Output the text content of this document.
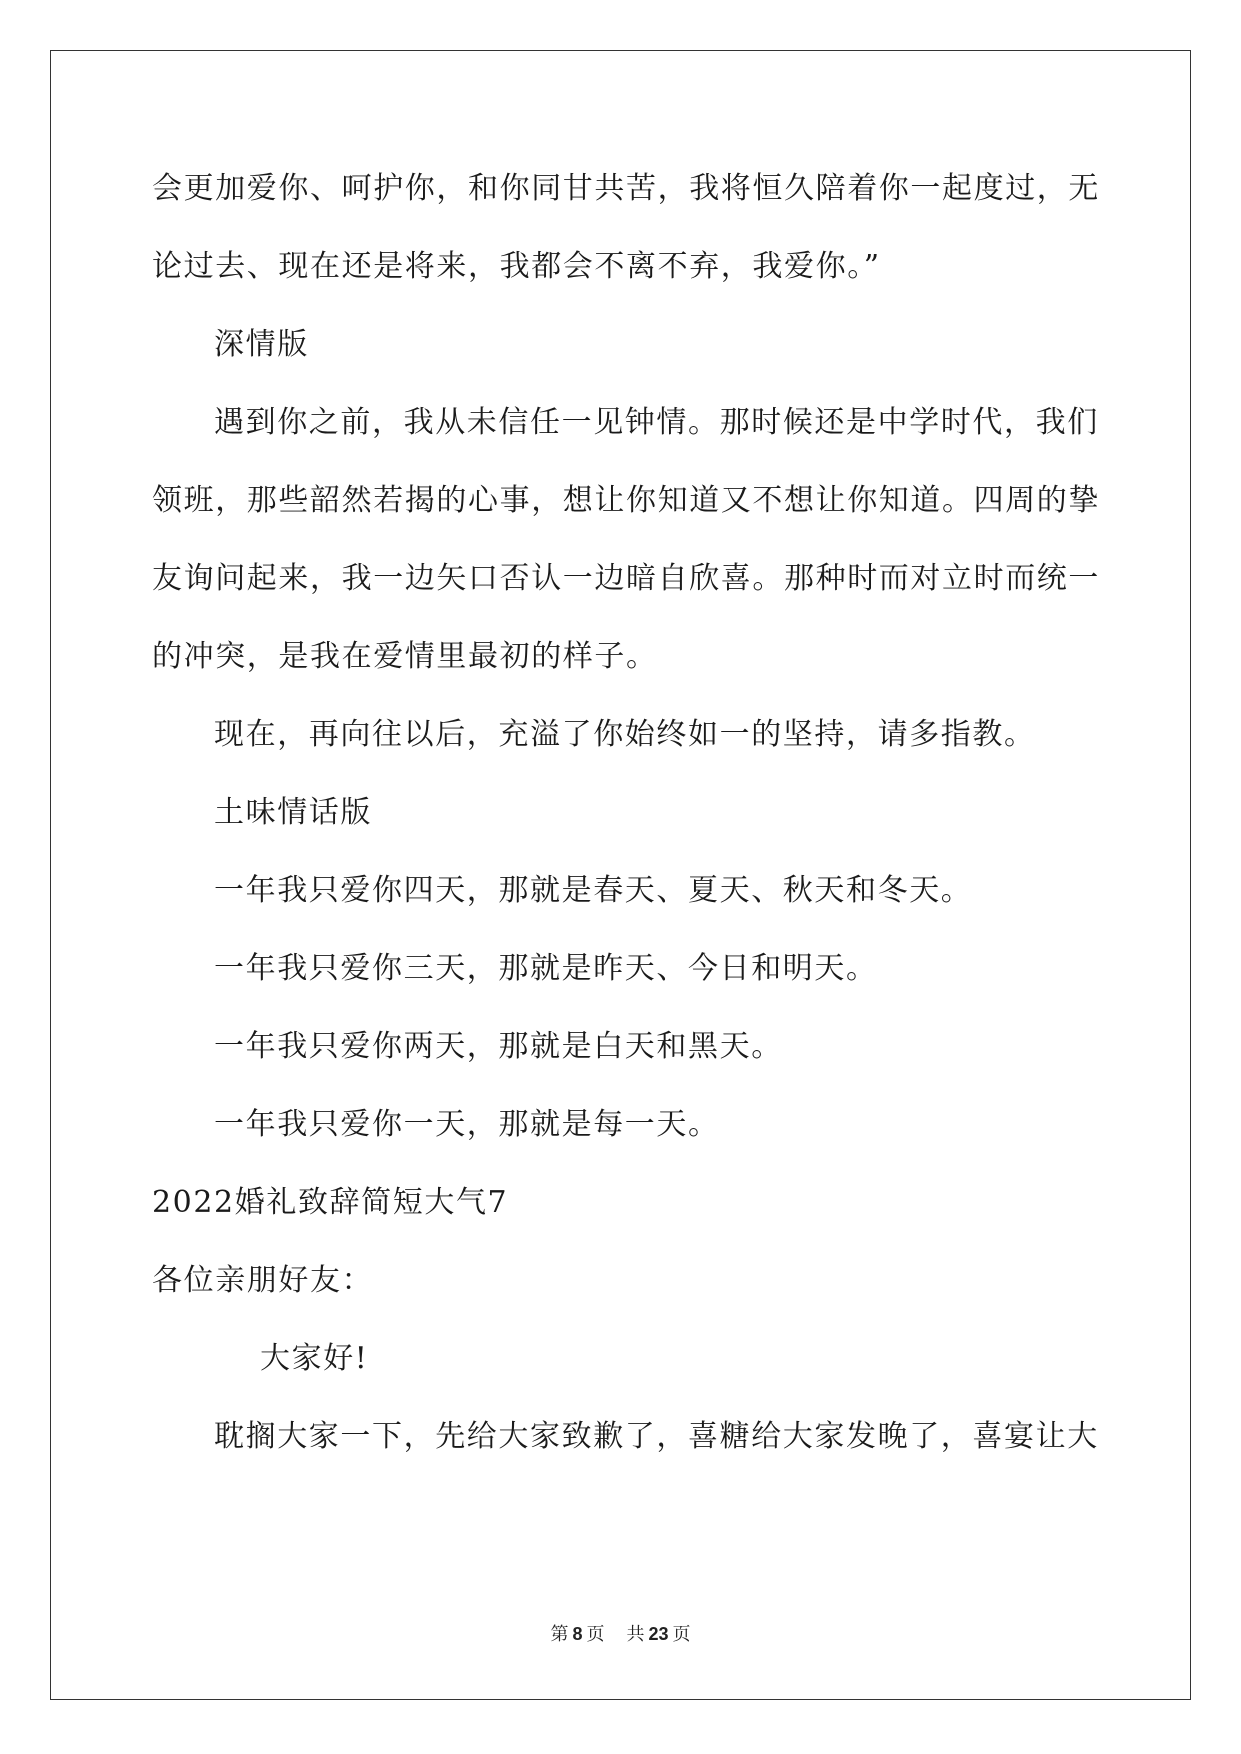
会更加爱你、呵护你，和你同甘共苦，我将恒久陪着你一起度过，无
论过去、现在还是将来，我都会不离不弃，我爱你。”
深情版
遇到你之前，我从未信任一见钟情。那时候还是中学时代，我们
领班，那些韶然若揭的心事，想让你知道又不想让你知道。四周的挚
友询问起来，我一边矢口否认一边暗自欣喜。那种时而对立时而统一
的冲突，是我在爱情里最初的样子。
现在，再向往以后，充溢了你始终如一的坚持，请多指教。
土味情话版
一年我只爱你四天，那就是春天、夏天、秋天和冬天。
一年我只爱你三天，那就是昨天、今日和明天。
一年我只爱你两天，那就是白天和黑天。
一年我只爱你一天，那就是每一天。
2022婚礼致辞简短大气7
各位亲朋好友：
大家好!
耽搁大家一下，先给大家致歉了，喜糖给大家发晚了，喜宴让大
第 8 页 共 23 页
